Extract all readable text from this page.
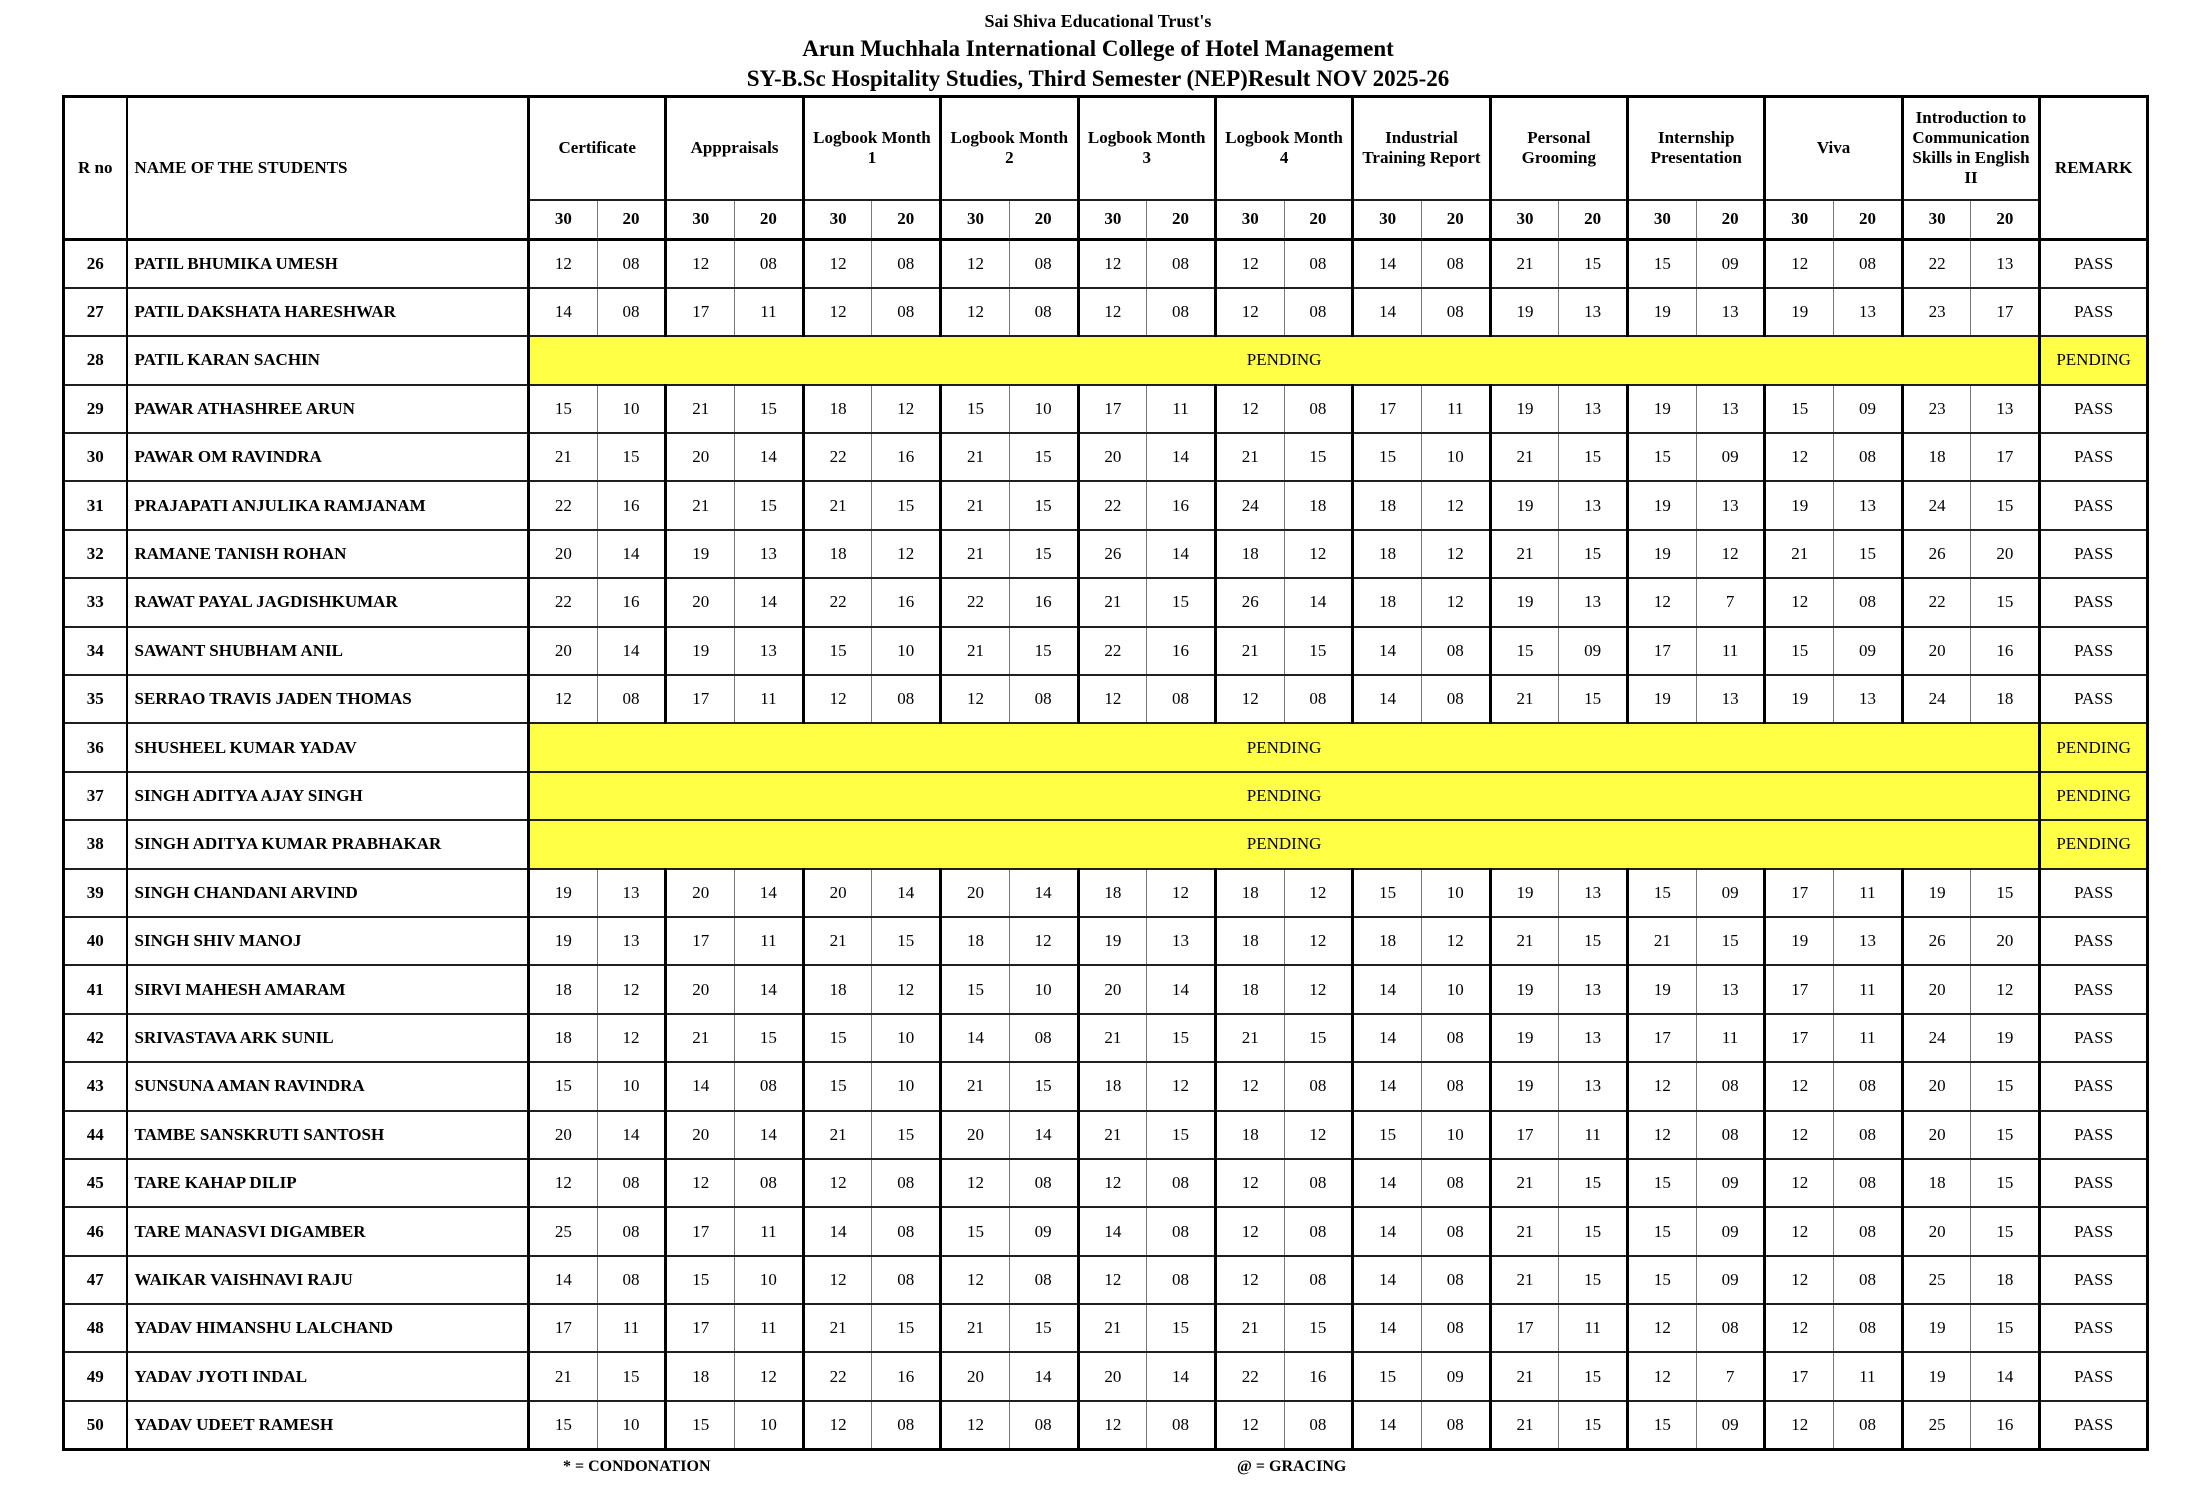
Sai Shiva Educational Trust's
Arun Muchhala International College of Hotel Management
SY-B.Sc Hospitality Studies, Third Semester (NEP)Result NOV 2025-26
R no	NAME OF THE STUDENTS	Certificate		Apppraisals		Logbook Month 1		Logbook Month 2		Logbook Month 3		Logbook Month 4		Industrial Training Report		Personal Grooming		Internship Presentation		Viva		Introduction to Communication Skills in English II		REMARK
		30	20	30	20	30	20	30	20	30	20	30	20	30	20	30	20	30	20	30	20	30	20	
26	PATIL BHUMIKA UMESH	12	08	12	08	12	08	12	08	12	08	12	08	14	08	21	15	15	09	12	08	22	13	PASS
27	PATIL DAKSHATA HARESHWAR	14	08	17	11	12	08	12	08	12	08	12	08	14	08	19	13	19	13	19	13	23	17	PASS
28	PATIL KARAN SACHIN	PENDING																						PENDING
29	PAWAR ATHASHREE ARUN	15	10	21	15	18	12	15	10	17	11	12	08	17	11	19	13	19	13	15	09	23	13	PASS
30	PAWAR OM RAVINDRA	21	15	20	14	22	16	21	15	20	14	21	15	15	10	21	15	15	09	12	08	18	17	PASS
31	PRAJAPATI ANJULIKA RAMJANAM	22	16	21	15	21	15	21	15	22	16	24	18	18	12	19	13	19	13	19	13	24	15	PASS
32	RAMANE TANISH ROHAN	20	14	19	13	18	12	21	15	26	14	18	12	18	12	21	15	19	12	21	15	26	20	PASS
33	RAWAT PAYAL JAGDISHKUMAR	22	16	20	14	22	16	22	16	21	15	26	14	18	12	19	13	12	7	12	08	22	15	PASS
34	SAWANT SHUBHAM ANIL	20	14	19	13	15	10	21	15	22	16	21	15	14	08	15	09	17	11	15	09	20	16	PASS
35	SERRAO TRAVIS JADEN THOMAS	12	08	17	11	12	08	12	08	12	08	12	08	14	08	21	15	19	13	19	13	24	18	PASS
36	SHUSHEEL KUMAR YADAV	PENDING																						PENDING
37	SINGH ADITYA AJAY SINGH	PENDING																						PENDING
38	SINGH ADITYA KUMAR PRABHAKAR	PENDING																						PENDING
39	SINGH CHANDANI ARVIND	19	13	20	14	20	14	20	14	18	12	18	12	15	10	19	13	15	09	17	11	19	15	PASS
40	SINGH SHIV MANOJ	19	13	17	11	21	15	18	12	19	13	18	12	18	12	21	15	21	15	19	13	26	20	PASS
41	SIRVI MAHESH AMARAM	18	12	20	14	18	12	15	10	20	14	18	12	14	10	19	13	19	13	17	11	20	12	PASS
42	SRIVASTAVA ARK SUNIL	18	12	21	15	15	10	14	08	21	15	21	15	14	08	19	13	17	11	17	11	24	19	PASS
43	SUNSUNA AMAN RAVINDRA	15	10	14	08	15	10	21	15	18	12	12	08	14	08	19	13	12	08	12	08	20	15	PASS
44	TAMBE SANSKRUTI SANTOSH	20	14	20	14	21	15	20	14	21	15	18	12	15	10	17	11	12	08	12	08	20	15	PASS
45	TARE KAHAP DILIP	12	08	12	08	12	08	12	08	12	08	12	08	14	08	21	15	15	09	12	08	18	15	PASS
46	TARE MANASVI DIGAMBER	25	08	17	11	14	08	15	09	14	08	12	08	14	08	21	15	15	09	12	08	20	15	PASS
47	WAIKAR VAISHNAVI RAJU	14	08	15	10	12	08	12	08	12	08	12	08	14	08	21	15	15	09	12	08	25	18	PASS
48	YADAV HIMANSHU LALCHAND	17	11	17	11	21	15	21	15	21	15	21	15	14	08	17	11	12	08	12	08	19	15	PASS
49	YADAV JYOTI INDAL	21	15	18	12	22	16	20	14	20	14	22	16	15	09	21	15	12	7	17	11	19	14	PASS
50	YADAV UDEET RAMESH	15	10	15	10	12	08	12	08	12	08	12	08	14	08	21	15	15	09	12	08	25	16	PASS
* = CONDONATION	@ = GRACING
